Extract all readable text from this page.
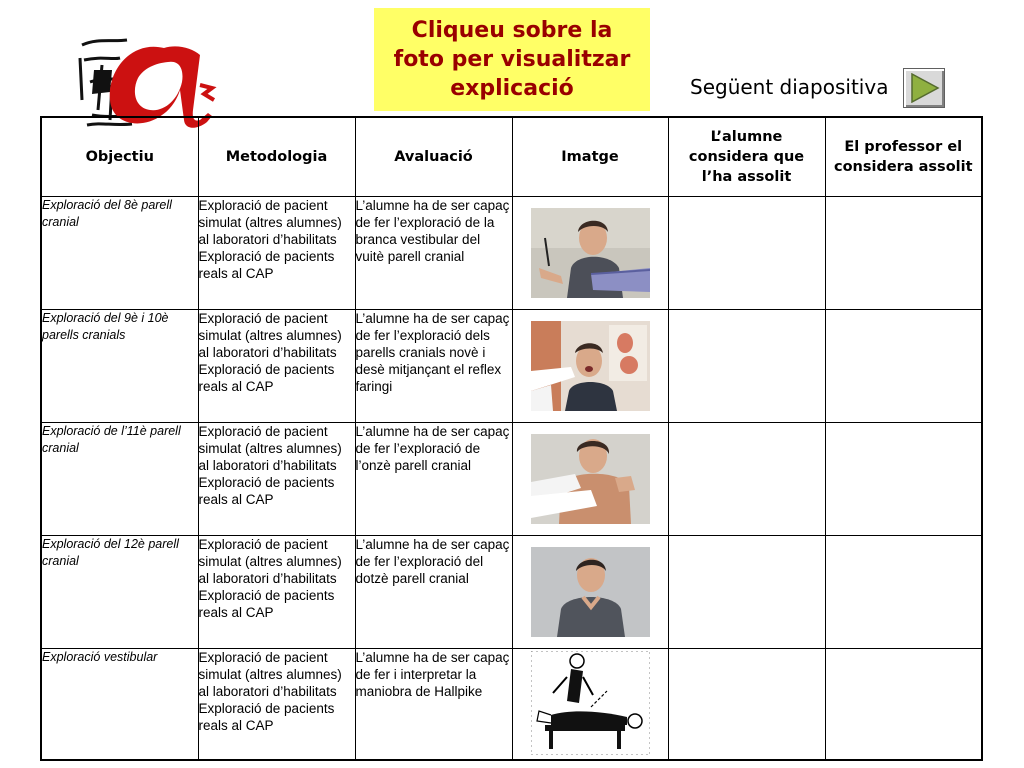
Cliqueu sobre la
foto per visualitzar
explicació	Següent diapositiva
Objectiu	Metodologia	Avaluació	Imatge	L’alumne considera que l’ha assolit	El professor el considera assolit
Exploració del 8è parell cranial	Exploració de pacient simulat (altres alumnes) al laboratori d’habilitats Exploració de pacients reals al CAP	L’alumne ha de ser capaç de fer l’exploració de la branca vestibular del vuitè parell cranial	

Exploració del 9è i 10è parells cranials	Exploració de pacient simulat (altres alumnes) al laboratori d’habilitats Exploració de pacients reals al CAP	L’alumne ha de ser capaç de fer l’exploració dels parells cranials novè i desè mitjançant el reflex faringi	

Exploració de l’11è parell cranial	Exploració de pacient simulat (altres alumnes) al laboratori d’habilitats Exploració de pacients reals al CAP	L’alumne ha de ser capaç de fer l’exploració de l’onzè parell cranial	

Exploració del 12è parell cranial	Exploració de pacient simulat (altres alumnes) al laboratori d’habilitats Exploració de pacients reals al CAP	L’alumne ha de ser capaç de fer l’exploració del dotzè parell cranial	

Exploració vestibular	Exploració de pacient simulat (altres alumnes) al laboratori d’habilitats Exploració de pacients reals al CAP	L’alumne ha de ser capaç de fer i interpretar la maniobra de Hallpike	
